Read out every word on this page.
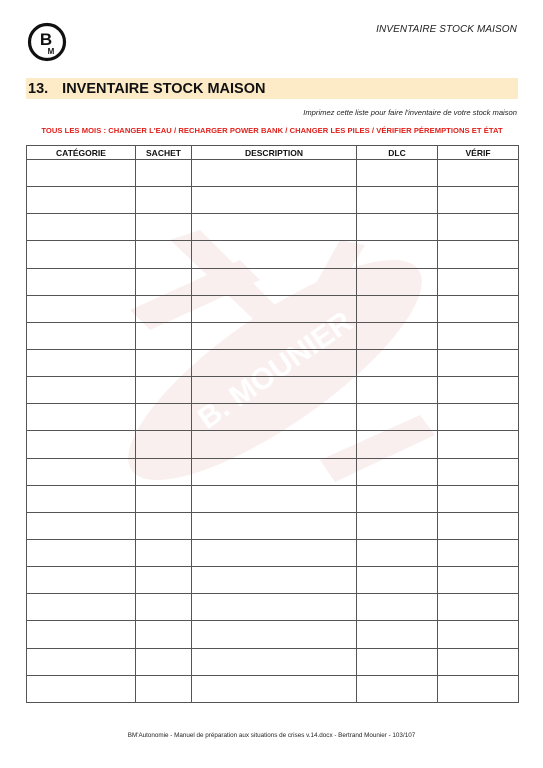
B
M
INVENTAIRE STOCK MAISON
13. INVENTAIRE STOCK MAISON
Imprimez cette liste pour faire l'inventaire de votre stock maison
TOUS LES MOIS : CHANGER L'EAU / RECHARGER POWER BANK / CHANGER LES PILES / VÉRIFIER PÉREMPTIONS ET ÉTAT
B. MOUNIER
CATÉGORIE	SACHET	DESCRIPTION	DLC	VÉRIF

BM'Autonomie - Manuel de préparation aux situations de crises v.14.docx - Bertrand Mounier - 103/107
